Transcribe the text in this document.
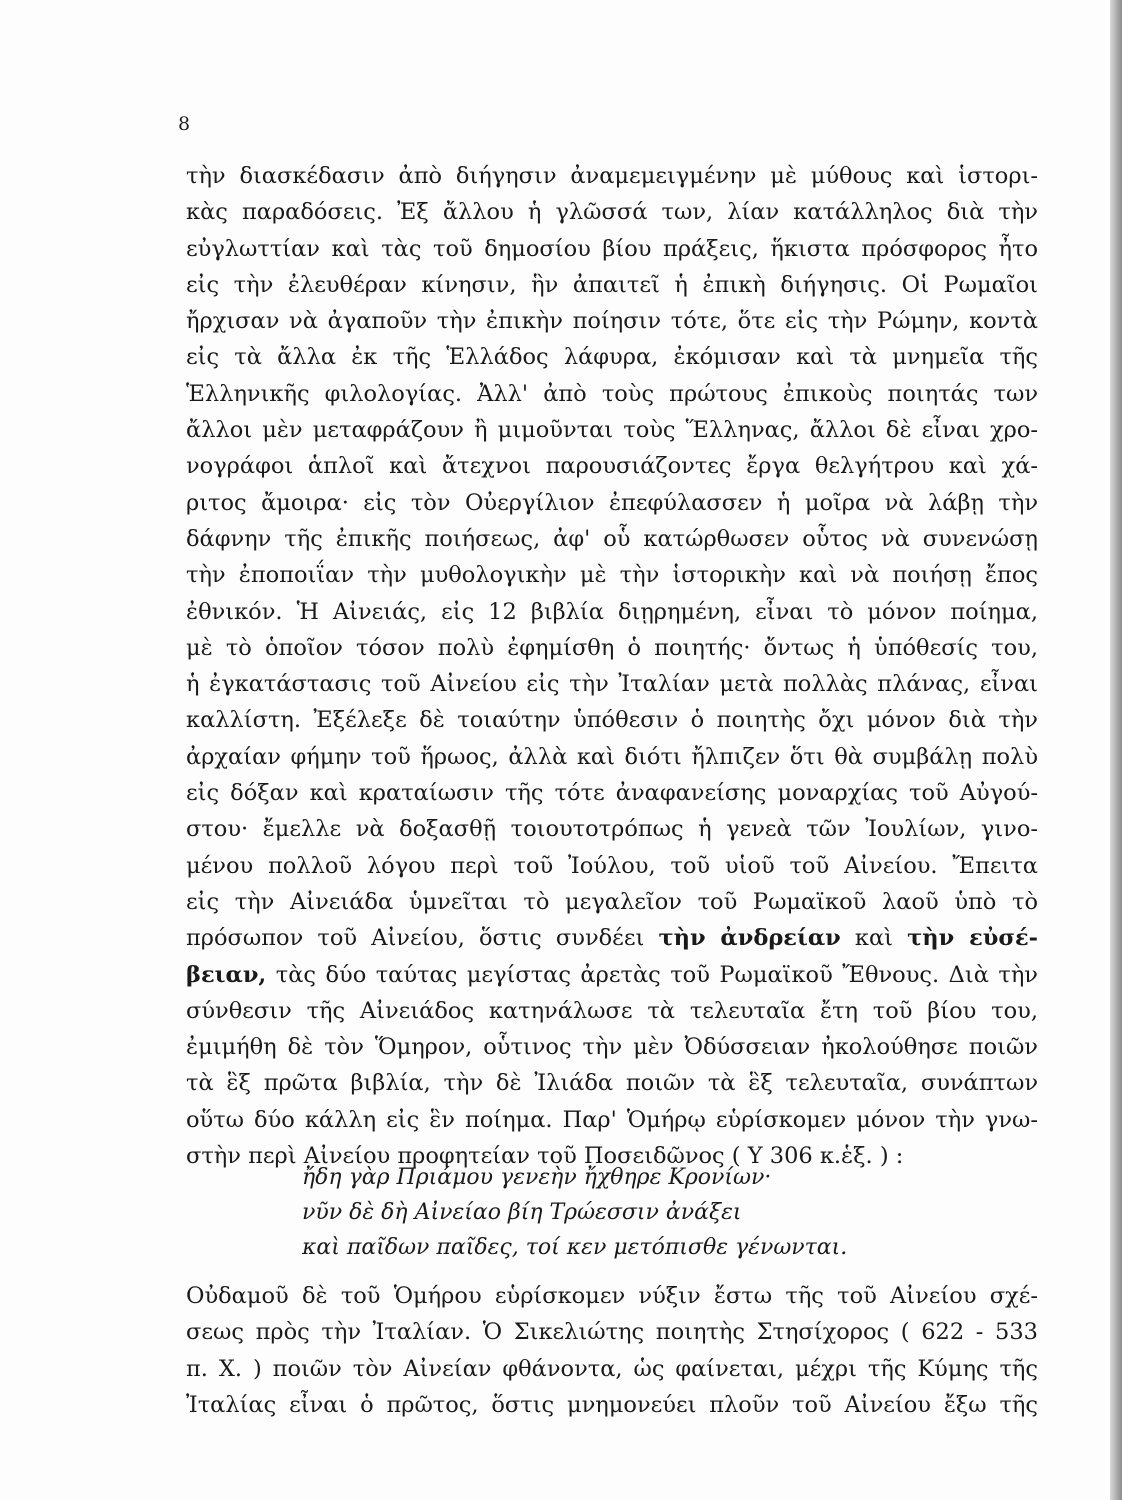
8
τὴν διασκέδασιν ἀπὸ διήγησιν ἀναμεμειγμένην μὲ μύθους καὶ ἱστορι-
κὰς παραδόσεις. Ἐξ ἄλλου ἡ γλῶσσά των, λίαν κατάλληλος διὰ τὴν
εὐγλωττίαν καὶ τὰς τοῦ δημοσίου βίου πράξεις, ἥκιστα πρόσφορος ἦτο
εἰς τὴν ἐλευθέραν κίνησιν, ἣν ἀπαιτεῖ ἡ ἐπικὴ διήγησις. Οἱ Ρωμαῖοι
ἤρχισαν νὰ ἀγαποῦν τὴν ἐπικὴν ποίησιν τότε, ὅτε εἰς τὴν Ρώμην, κοντὰ
εἰς τὰ ἄλλα ἐκ τῆς Ἑλλάδος λάφυρα, ἐκόμισαν καὶ τὰ μνημεῖα τῆς
Ἑλληνικῆς φιλολογίας. Ἀλλ' ἀπὸ τοὺς πρώτους ἐπικοὺς ποιητάς των
ἄλλοι μὲν μεταφράζουν ἢ μιμοῦνται τοὺς Ἕλληνας, ἄλλοι δὲ εἶναι χρο-
νογράφοι ἁπλοῖ καὶ ἄτεχνοι παρουσιάζοντες ἔργα θελγήτρου καὶ χά-
ριτος ἄμοιρα· εἰς τὸν Οὐεργίλιον ἐπεφύλασσεν ἡ μοῖρα νὰ λάβῃ τὴν
δάφνην τῆς ἐπικῆς ποιήσεως, ἀφ' οὗ κατώρθωσεν οὗτος νὰ συνενώσῃ
τὴν ἐποποιΐαν τὴν μυθολογικὴν μὲ τὴν ἱστορικὴν καὶ νὰ ποιήσῃ ἔπος
ἐθνικόν. Ἡ Αἰνειάς, εἰς 12 βιβλία διῃρημένη, εἶναι τὸ μόνον ποίημα,
μὲ τὸ ὁποῖον τόσον πολὺ ἐφημίσθη ὁ ποιητής· ὄντως ἡ ὑπόθεσίς του,
ἡ ἐγκατάστασις τοῦ Αἰνείου εἰς τὴν Ἰταλίαν μετὰ πολλὰς πλάνας, εἶναι
καλλίστη. Ἐξέλεξε δὲ τοιαύτην ὑπόθεσιν ὁ ποιητὴς ὄχι μόνον διὰ τὴν
ἀρχαίαν φήμην τοῦ ἥρωος, ἀλλὰ καὶ διότι ἤλπιζεν ὅτι θὰ συμβάλῃ πολὺ
εἰς δόξαν καὶ κραταίωσιν τῆς τότε ἀναφανείσης μοναρχίας τοῦ Αὐγού-
στου· ἔμελλε νὰ δοξασθῇ τοιουτοτρόπως ἡ γενεὰ τῶν Ἰουλίων, γινο-
μένου πολλοῦ λόγου περὶ τοῦ Ἰούλου, τοῦ υἱοῦ τοῦ Αἰνείου. Ἔπειτα
εἰς τὴν Αἰνειάδα ὑμνεῖται τὸ μεγαλεῖον τοῦ Ρωμαϊκοῦ λαοῦ ὑπὸ τὸ
πρόσωπον τοῦ Αἰνείου, ὅστις συνδέει τὴν ἀνδρείαν καὶ τὴν εὐσέ-
βειαν, τὰς δύο ταύτας μεγίστας ἀρετὰς τοῦ Ρωμαϊκοῦ Ἔθνους. Διὰ τὴν
σύνθεσιν τῆς Αἰνειάδος κατηνάλωσε τὰ τελευταῖα ἔτη τοῦ βίου του,
ἐμιμήθη δὲ τὸν Ὅμηρον, οὗτινος τὴν μὲν Ὀδύσσειαν ἠκολούθησε ποιῶν
τὰ ἓξ πρῶτα βιβλία, τὴν δὲ Ἰλιάδα ποιῶν τὰ ἓξ τελευταῖα, συνάπτων
οὕτω δύο κάλλη εἰς ἓν ποίημα. Παρ' Ὁμήρῳ εὑρίσκομεν μόνον τὴν γνω-
στὴν περὶ Αἰνείου προφητείαν τοῦ Ποσειδῶνος ( Υ 306 κ.ἑξ. ) :
ἤδη γὰρ Πριάμου γενεὴν ἤχθηρε Κρονίων·
νῦν δὲ δὴ Αἰνείαο βίη Τρώεσσιν ἀνάξει
καὶ παῖδων παῖδες, τοί κεν μετόπισθε γένωνται.
Οὐδαμοῦ δὲ τοῦ Ὁμήρου εὑρίσκομεν νύξιν ἔστω τῆς τοῦ Αἰνείου σχέ-
σεως πρὸς τὴν Ἰταλίαν. Ὁ Σικελιώτης ποιητὴς Στησίχορος ( 622 - 533
π. Χ. ) ποιῶν τὸν Αἰνείαν φθάνοντα, ὡς φαίνεται, μέχρι τῆς Κύμης τῆς
Ἰταλίας εἶναι ὁ πρῶτος, ὅστις μνημονεύει πλοῦν τοῦ Αἰνείου ἔξω τῆς
